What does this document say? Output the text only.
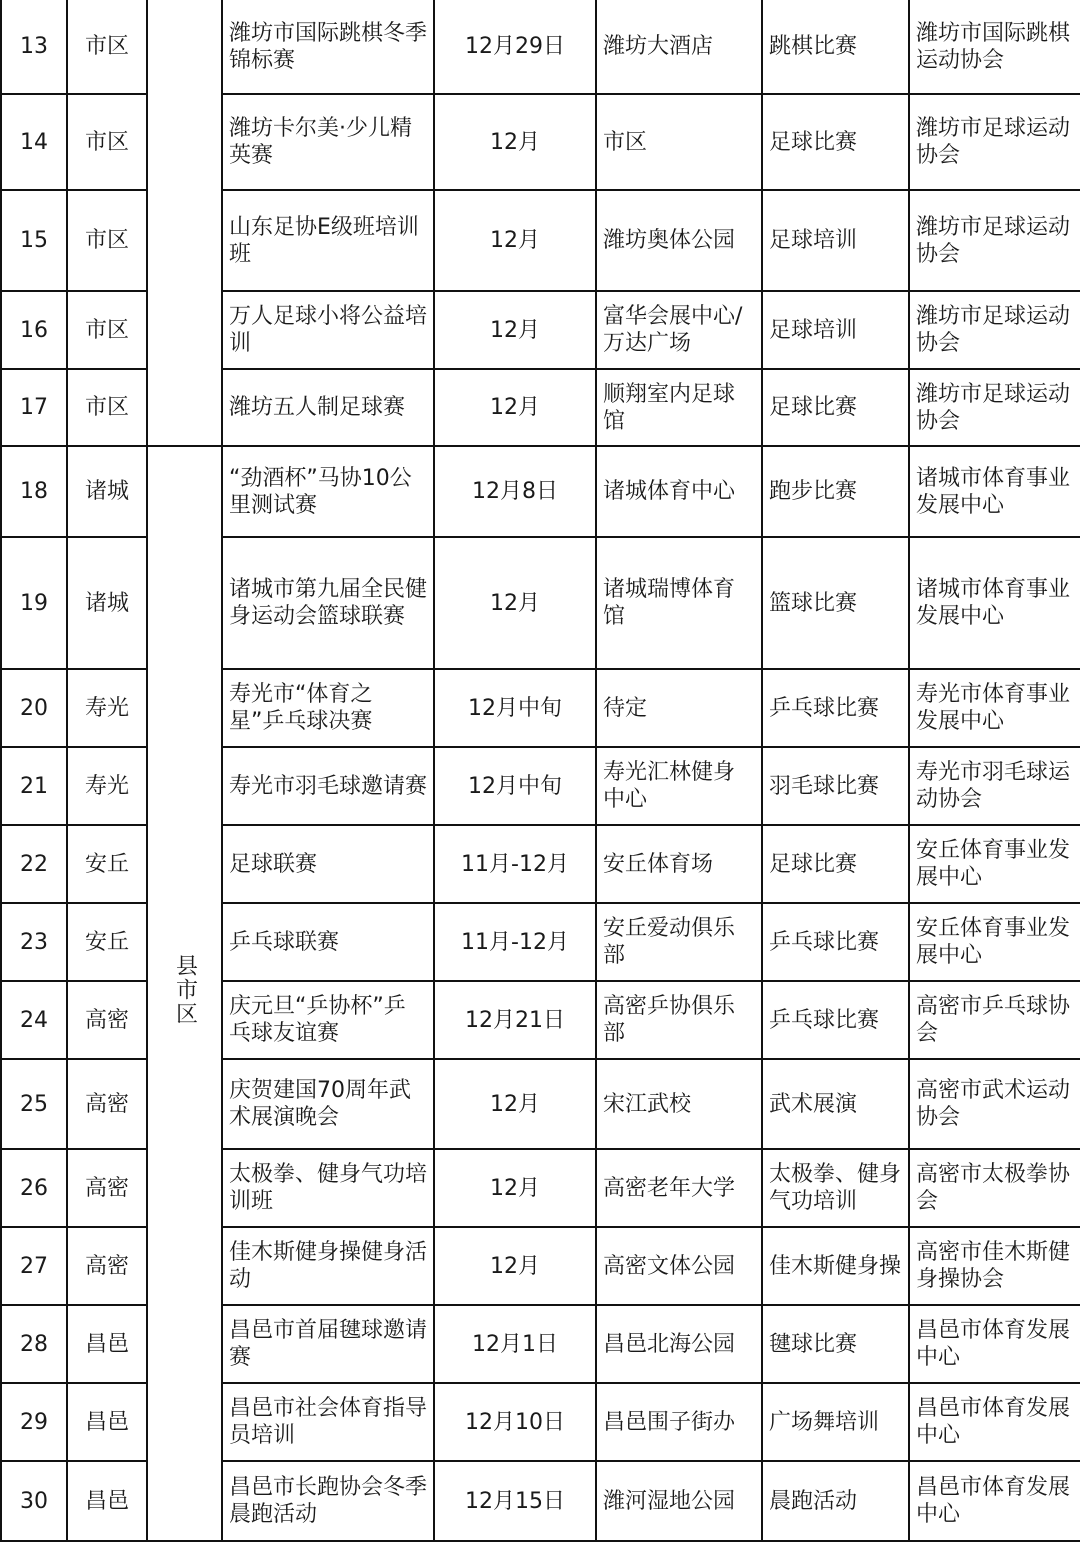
13	市区		潍坊市国际跳棋冬季锦标赛	12月29日	潍坊大酒店	跳棋比赛	潍坊市国际跳棋运动协会
14	市区		潍坊卡尔美·少儿精英赛	12月	市区	足球比赛	潍坊市足球运动协会
15	市区		山东足协E级班培训班	12月	潍坊奥体公园	足球培训	潍坊市足球运动协会
16	市区		万人足球小将公益培训	12月	富华会展中心/万达广场	足球培训	潍坊市足球运动协会
17	市区		潍坊五人制足球赛	12月	顺翔室内足球馆	足球比赛	潍坊市足球运动协会
18	诸城	县市区	“劲酒杯”马协10公里测试赛	12月8日	诸城体育中心	跑步比赛	诸城市体育事业发展中心
19	诸城		诸城市第九届全民健身运动会篮球联赛	12月	诸城瑞博体育馆	篮球比赛	诸城市体育事业发展中心
20	寿光		寿光市“体育之星”乒乓球决赛	12月中旬	待定	乒乓球比赛	寿光市体育事业发展中心
21	寿光		寿光市羽毛球邀请赛	12月中旬	寿光汇林健身中心	羽毛球比赛	寿光市羽毛球运动协会
22	安丘		足球联赛	11月-12月	安丘体育场	足球比赛	安丘体育事业发展中心
23	安丘		乒乓球联赛	11月-12月	安丘爱动俱乐部	乒乓球比赛	安丘体育事业发展中心
24	高密		庆元旦“乒协杯”乒乓球友谊赛	12月21日	高密乒协俱乐部	乒乓球比赛	高密市乒乓球协会
25	高密		庆贺建国70周年武术展演晚会	12月	宋江武校	武术展演	高密市武术运动协会
26	高密		太极拳、健身气功培训班	12月	高密老年大学	太极拳、健身气功培训	高密市太极拳协会
27	高密		佳木斯健身操健身活动	12月	高密文体公园	佳木斯健身操	高密市佳木斯健身操协会
28	昌邑		昌邑市首届毽球邀请赛	12月1日	昌邑北海公园	毽球比赛	昌邑市体育发展中心
29	昌邑		昌邑市社会体育指导员培训	12月10日	昌邑围子街办	广场舞培训	昌邑市体育发展中心
30	昌邑		昌邑市长跑协会冬季晨跑活动	12月15日	潍河湿地公园	晨跑活动	昌邑市体育发展中心
